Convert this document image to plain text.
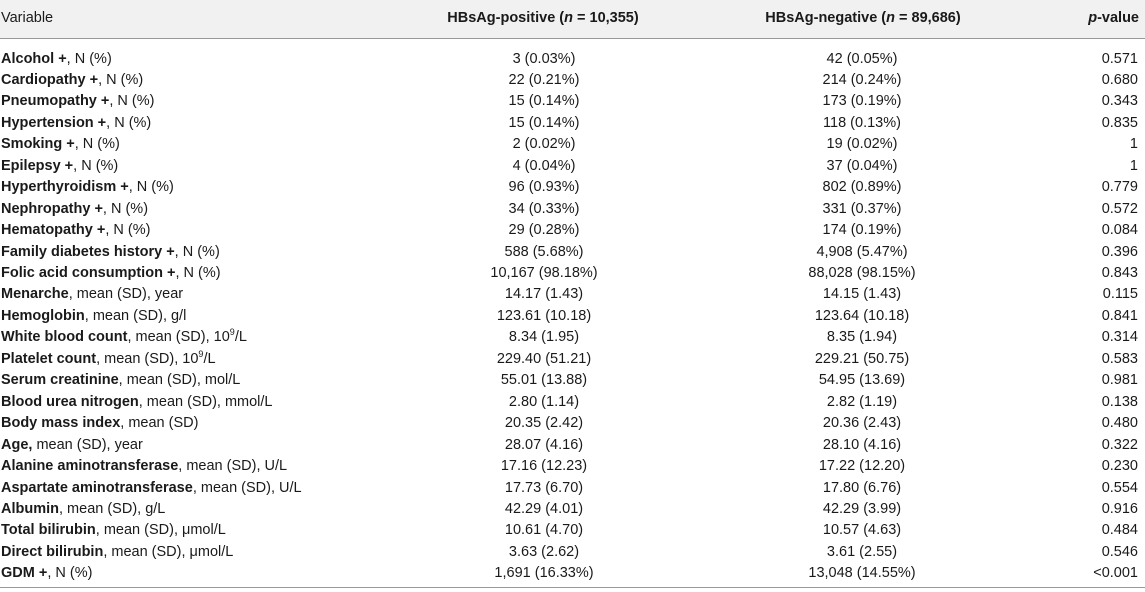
Variable	HBsAg-positive (n = 10,355)	HBsAg-negative (n = 89,686)	p-value
Alcohol +, N (%)	3 (0.03%)	42 (0.05%)	0.571
Cardiopathy +, N (%)	22 (0.21%)	214 (0.24%)	0.680
Pneumopathy +, N (%)	15 (0.14%)	173 (0.19%)	0.343
Hypertension +, N (%)	15 (0.14%)	118 (0.13%)	0.835
Smoking +, N (%)	2 (0.02%)	19 (0.02%)	1
Epilepsy +, N (%)	4 (0.04%)	37 (0.04%)	1
Hyperthyroidism +, N (%)	96 (0.93%)	802 (0.89%)	0.779
Nephropathy +, N (%)	34 (0.33%)	331 (0.37%)	0.572
Hematopathy +, N (%)	29 (0.28%)	174 (0.19%)	0.084
Family diabetes history +, N (%)	588 (5.68%)	4,908 (5.47%)	0.396
Folic acid consumption +, N (%)	10,167 (98.18%)	88,028 (98.15%)	0.843
Menarche, mean (SD), year	14.17 (1.43)	14.15 (1.43)	0.115
Hemoglobin, mean (SD), g/l	123.61 (10.18)	123.64 (10.18)	0.841
White blood count, mean (SD), $10^9/L$	8.34 (1.95)	8.35 (1.94)	0.314
Platelet count, mean (SD), $10^9/L$	229.40 (51.21)	229.21 (50.75)	0.583
Serum creatinine, mean (SD), mol/L	55.01 (13.88)	54.95 (13.69)	0.981
Blood urea nitrogen, mean (SD), mmol/L	2.80 (1.14)	2.82 (1.19)	0.138
Body mass index, mean (SD)	20.35 (2.42)	20.36 (2.43)	0.480
Age, mean (SD), year	28.07 (4.16)	28.10 (4.16)	0.322
Alanine aminotransferase, mean (SD), U/L	17.16 (12.23)	17.22 (12.20)	0.230
Aspartate aminotransferase, mean (SD), U/L	17.73 (6.70)	17.80 (6.76)	0.554
Albumin, mean (SD), g/L	42.29 (4.01)	42.29 (3.99)	0.916
Total bilirubin, mean (SD), μmol/L	10.61 (4.70)	10.57 (4.63)	0.484
Direct bilirubin, mean (SD), μmol/L	3.63 (2.62)	3.61 (2.55)	0.546
GDM +, N (%)	1,691 (16.33%)	13,048 (14.55%)	<0.001
